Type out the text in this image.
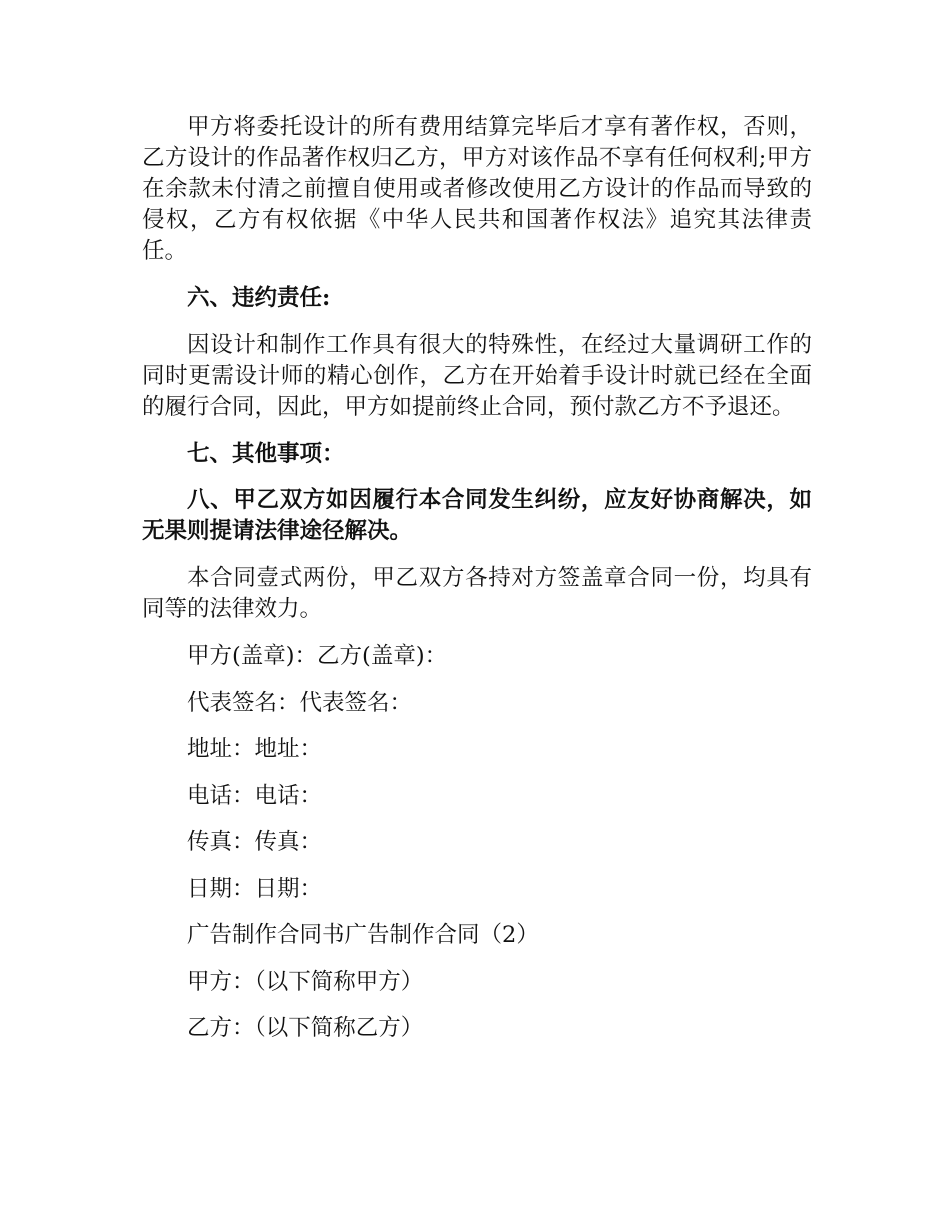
甲方将委托设计的所有费用结算完毕后才享有著作权，否则，乙方设计的作品著作权归乙方，甲方对该作品不享有任何权利;甲方在余款未付清之前擅自使用或者修改使用乙方设计的作品而导致的侵权，乙方有权依据《中华人民共和国著作权法》追究其法律责任。

六、违约责任:

因设计和制作工作具有很大的特殊性，在经过大量调研工作的同时更需设计师的精心创作，乙方在开始着手设计时就已经在全面的履行合同，因此，甲方如提前终止合同，预付款乙方不予退还。

七、其他事项：

八、甲乙双方如因履行本合同发生纠纷，应友好协商解决，如无果则提请法律途径解决。

本合同壹式两份，甲乙双方各持对方签盖章合同一份，均具有同等的法律效力。

甲方(盖章)：乙方(盖章)：

代表签名：代表签名：

地址：地址：

电话：电话：

传真：传真：

日期：日期：

广告制作合同书广告制作合同（2）

甲方：（以下简称甲方）

乙方：（以下简称乙方）
